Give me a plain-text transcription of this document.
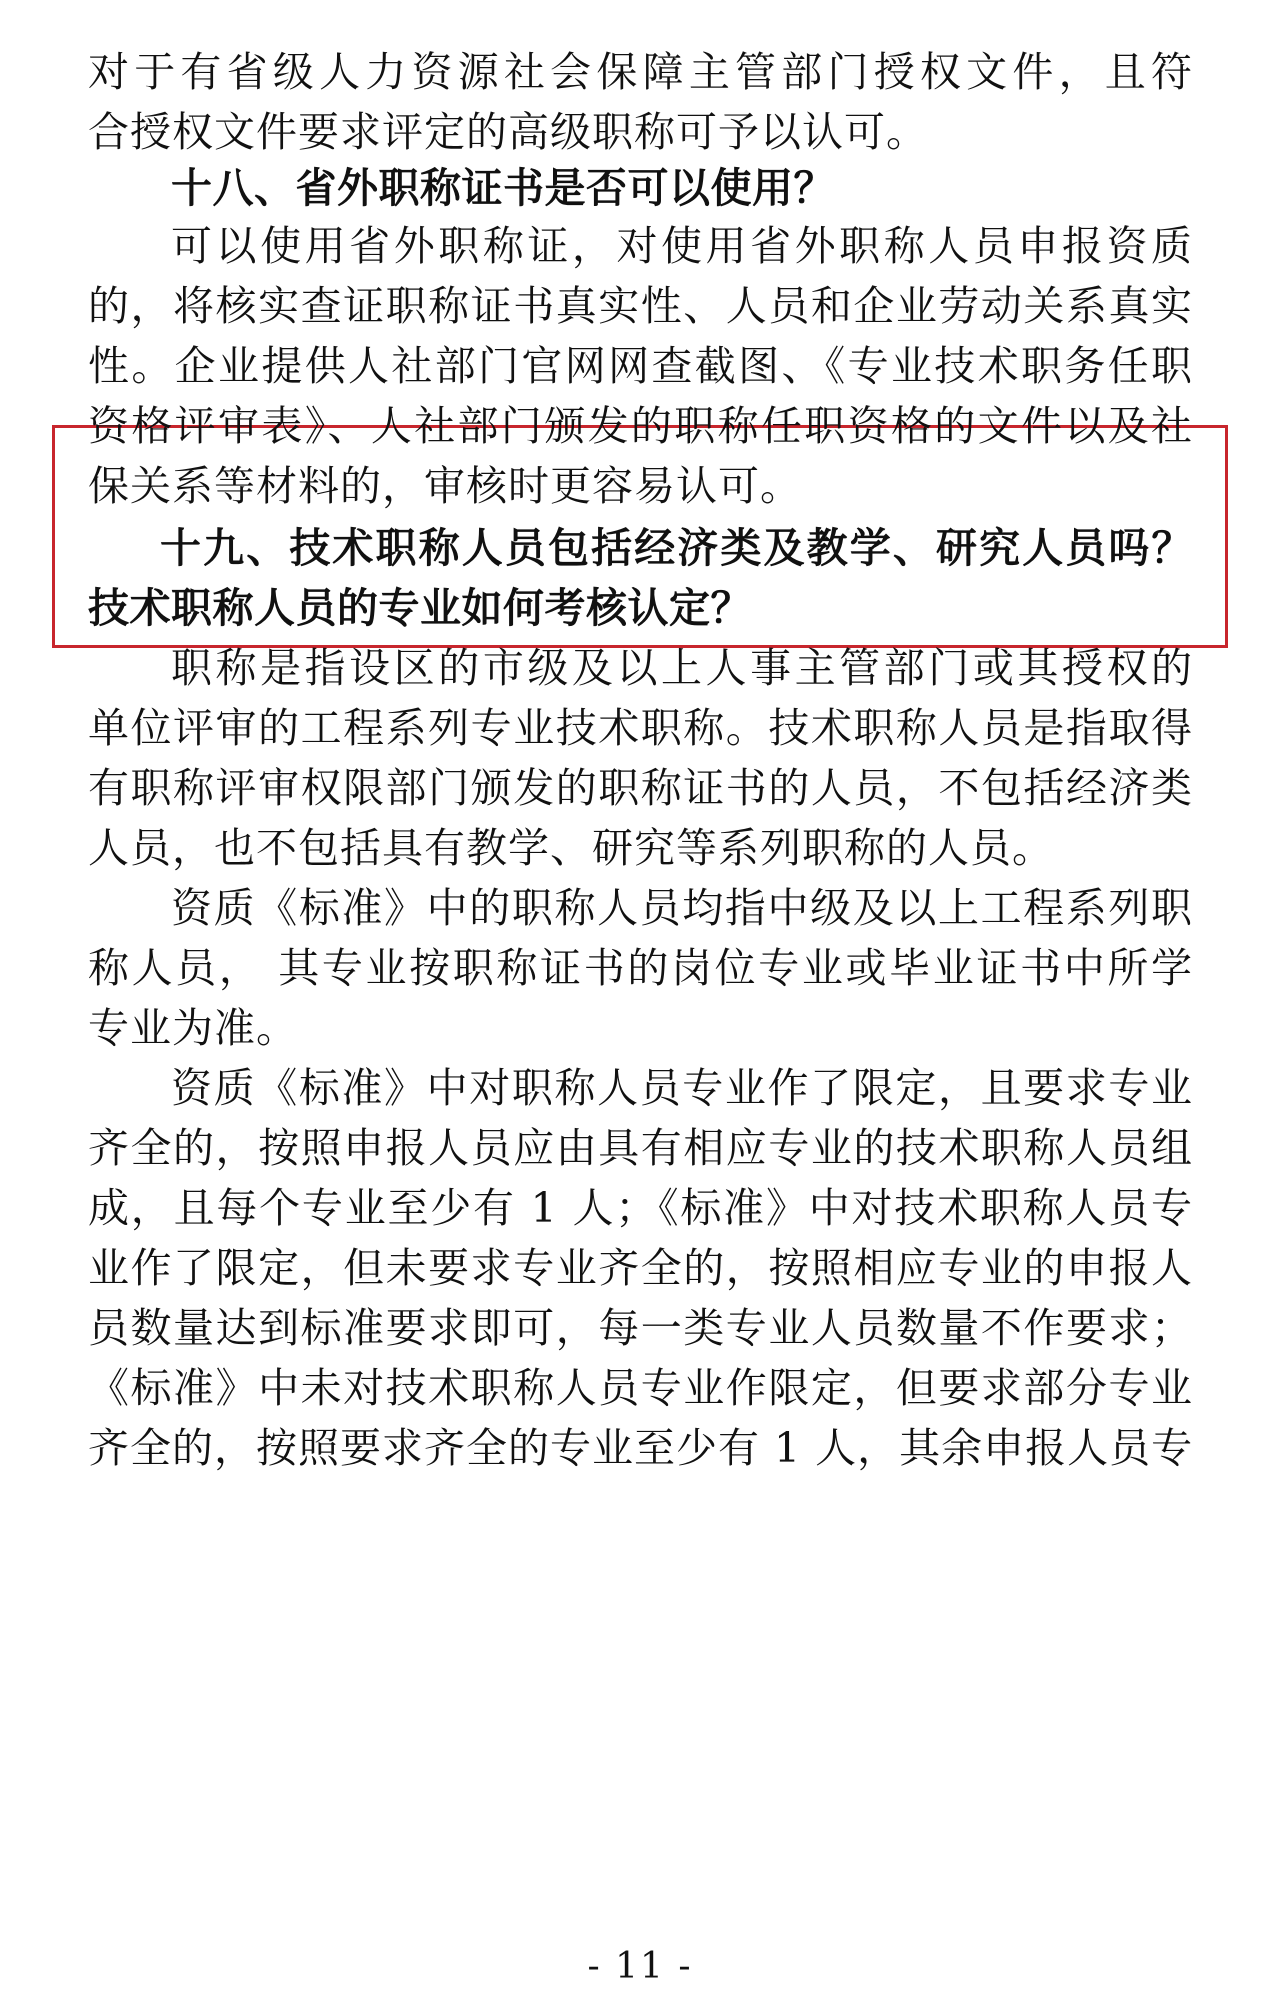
对于有省级人力资源社会保障主管部门授权文件，且符
合授权文件要求评定的高级职称可予以认可。
十八、省外职称证书是否可以使用？
可以使用省外职称证，对使用省外职称人员申报资质
的，将核实查证职称证书真实性、人员和企业劳动关系真实
性。企业提供人社部门官网网查截图、《专业技术职务任职
资格评审表》、人社部门颁发的职称任职资格的文件以及社
保关系等材料的，审核时更容易认可。
十九、技术职称人员包括经济类及教学、研究人员吗？
技术职称人员的专业如何考核认定？
职称是指设区的市级及以上人事主管部门或其授权的
单位评审的工程系列专业技术职称。技术职称人员是指取得
有职称评审权限部门颁发的职称证书的人员，不包括经济类
人员，也不包括具有教学、研究等系列职称的人员。
资质《标准》中的职称人员均指中级及以上工程系列职
称人员， 其专业按职称证书的岗位专业或毕业证书中所学
专业为准。
资质《标准》中对职称人员专业作了限定，且要求专业
齐全的，按照申报人员应由具有相应专业的技术职称人员组
成，且每个专业至少有 1 人；《标准》中对技术职称人员专
业作了限定，但未要求专业齐全的，按照相应专业的申报人
员数量达到标准要求即可，每一类专业人员数量不作要求；
《标准》中未对技术职称人员专业作限定，但要求部分专业
齐全的，按照要求齐全的专业至少有 1 人，其余申报人员专
- 11 -
